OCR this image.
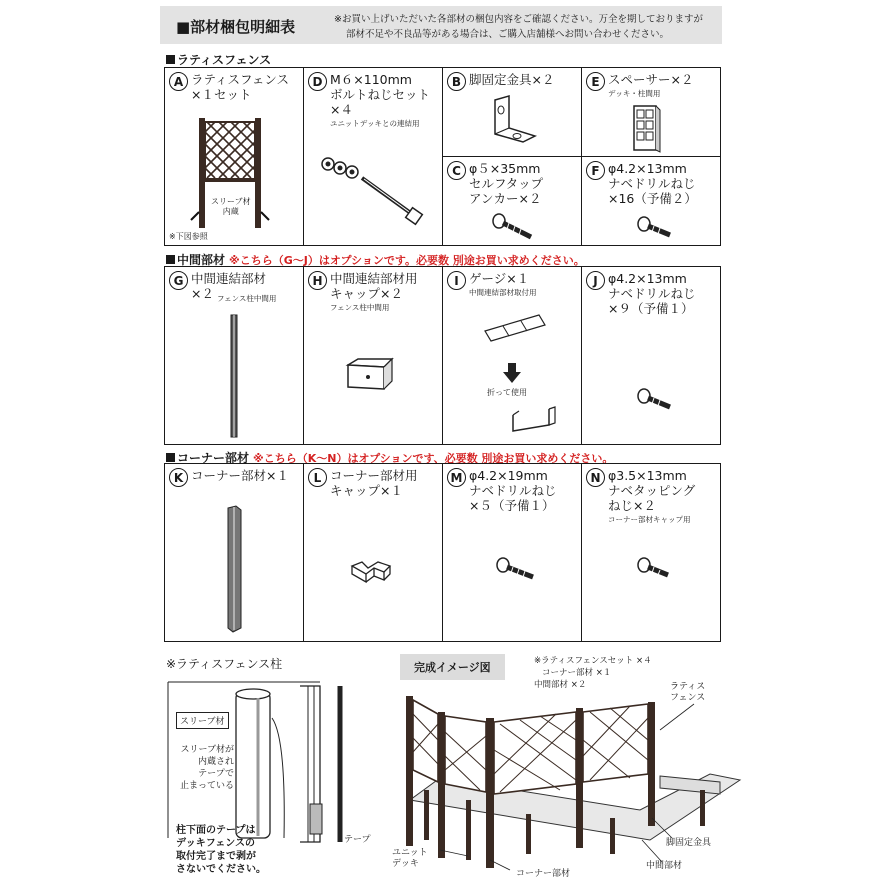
■部材梱包明細表	※お買い上げいただいた各部材の梱包内容をご確認ください。万全を期しておりますが
部材不足や不良品等がある場合は、ご購入店舗様へお問い合わせください。
ラティスフェンス
A ラティスフェンス
×１セット
スリーブ材
内蔵
※下図参照
B 脚固定金具×２
D M６×110mm
ボルトねじセット
×４
ユニットデッキとの連結用
E スペーサー×２
デッキ・柱間用
C φ５×35mm
セルフタップ
アンカー×２
F φ4.2×13mm
ナベドリルねじ
×16（予備２）
中間部材 ※こちら（G～J）はオプションです。必要数 別途お買い求めください。
G 中間連結部材
×２ フェンス柱中間用
H 中間連結部材用
キャップ×２
フェンス柱中間用
I ゲージ×１
中間連結部材取付用
折って使用
J φ4.2×13mm
ナベドリルねじ
×９（予備１）
コーナー部材 ※こちら（K～N）はオプションです、必要数 別途お買い求めください。
K コーナー部材×１	L コーナー部材用
キャップ×１
M φ4.2×19mm
ナベドリルねじ
×５（予備１）
N φ3.5×13mm
ナベタッピング
ねじ×２
コーナー部材キャップ用
※ラティスフェンス柱
スリーブ材
スリーブ材が
内蔵され
テープで
止まっている
テープ
柱下面のテープは
デッキフェンスの
取付完了まで剥が
さないでください。
完成イメージ図	※ラティスフェンスセット ×４
コーナー部材 ×１
中間部材 ×２	ラティス
フェンス
ユニット
デッキ
コーナー部材
脚固定金具
中間部材
